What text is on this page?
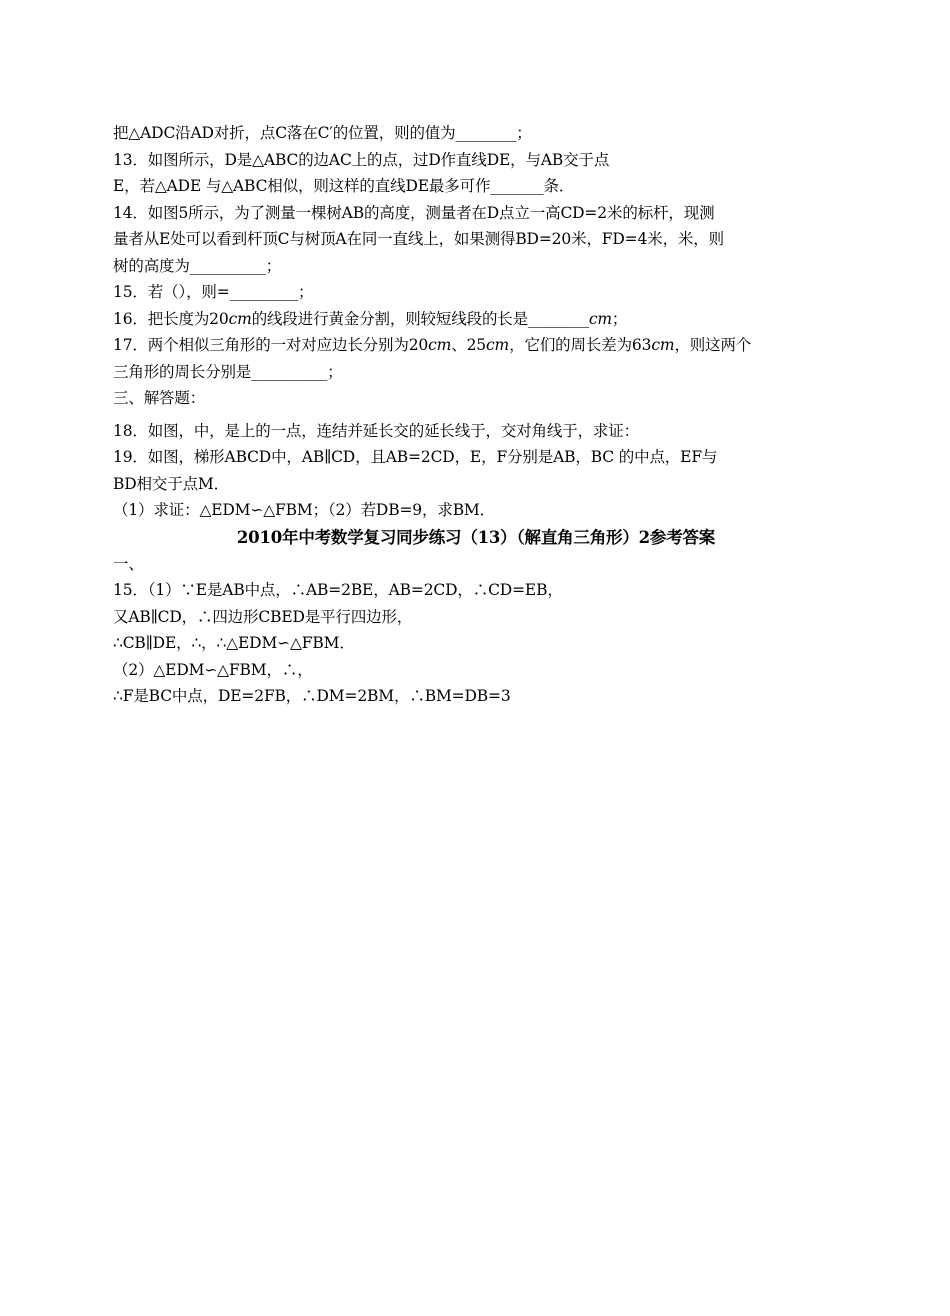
把△ADC沿AD对折，点C落在C′的位置，则的值为________；
13．如图所示，D是△ABC的边AC上的点，过D作直线DE，与AB交于点
E，若△ADE 与△ABC相似，则这样的直线DE最多可作_______条．
14．如图5所示，为了测量一棵树AB的高度，测量者在D点立一高CD=2米的标杆，现测
量者从E处可以看到杆顶C与树顶A在同一直线上，如果测得BD=20米，FD=4米，米，则
树的高度为__________；
15．若（），则=_________；
16．把长度为20cm的线段进行黄金分割，则较短线段的长是________cm；
17．两个相似三角形的一对对应边长分别为20cm、25cm，它们的周长差为63cm，则这两个
三角形的周长分别是__________；
三、解答题：
18．如图，中，是上的一点，连结并延长交的延长线于，交对角线于，求证：
19．如图，梯形ABCD中，AB∥CD，且AB=2CD，E，F分别是AB，BC 的中点，EF与
BD相交于点M．
（1）求证：△EDM∽△FBM；（2）若DB=9，求BM．
2010年中考数学复习同步练习（13）（解直角三角形）2参考答案
一、
15．（1）∵E是AB中点，∴AB=2BE，AB=2CD，∴CD=EB，
又AB∥CD，∴四边形CBED是平行四边形，
∴CB∥DE，∴，∴△EDM∽△FBM．
（2）△EDM∽△FBM，∴，
∴F是BC中点，DE=2FB，∴DM=2BM，∴BM=DB=3
